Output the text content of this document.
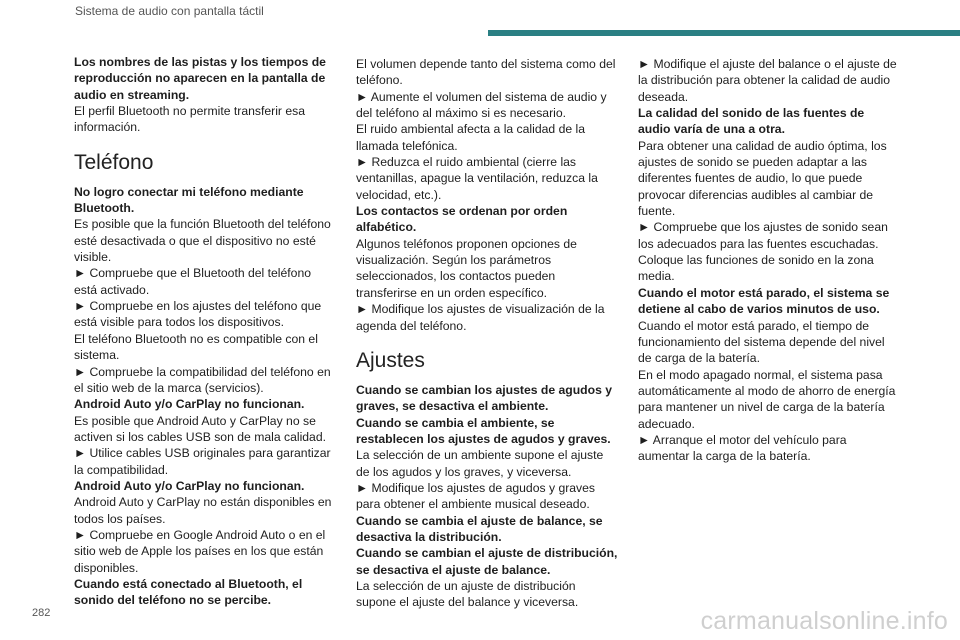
Sistema de audio con pantalla táctil

Los nombres de las pistas y los tiempos de reproducción no aparecen en la pantalla de audio en streaming.

El perfil Bluetooth no permite transferir esa información.

Teléfono

No logro conectar mi teléfono mediante Bluetooth.

Es posible que la función Bluetooth del teléfono esté desactivada o que el dispositivo no esté visible.

► Compruebe que el Bluetooth del teléfono está activado.

► Compruebe en los ajustes del teléfono que está visible para todos los dispositivos.

El teléfono Bluetooth no es compatible con el sistema.

► Compruebe la compatibilidad del teléfono en el sitio web de la marca (servicios).

Android Auto y/o CarPlay no funcionan.

Es posible que Android Auto y CarPlay no se activen si los cables USB son de mala calidad.

► Utilice cables USB originales para garantizar la compatibilidad.

Android Auto y/o CarPlay no funcionan.

Android Auto y CarPlay no están disponibles en todos los países.

► Compruebe en Google Android Auto o en el sitio web de Apple los países en los que están disponibles.

Cuando está conectado al Bluetooth, el sonido del teléfono no se percibe.

El volumen depende tanto del sistema como del teléfono.

► Aumente el volumen del sistema de audio y del teléfono al máximo si es necesario.

El ruido ambiental afecta a la calidad de la llamada telefónica.

► Reduzca el ruido ambiental (cierre las ventanillas, apague la ventilación, reduzca la velocidad, etc.).

Los contactos se ordenan por orden alfabético.

Algunos teléfonos proponen opciones de visualización. Según los parámetros seleccionados, los contactos pueden transferirse en un orden específico.

► Modifique los ajustes de visualización de la agenda del teléfono.

Ajustes

Cuando se cambian los ajustes de agudos y graves, se desactiva el ambiente.

Cuando se cambia el ambiente, se restablecen los ajustes de agudos y graves.

La selección de un ambiente supone el ajuste de los agudos y los graves, y viceversa.

► Modifique los ajustes de agudos y graves para obtener el ambiente musical deseado.

Cuando se cambia el ajuste de balance, se desactiva la distribución.

Cuando se cambian el ajuste de distribución, se desactiva el ajuste de balance.

La selección de un ajuste de distribución supone el ajuste del balance y viceversa.

► Modifique el ajuste del balance o el ajuste de la distribución para obtener la calidad de audio deseada.

La calidad del sonido de las fuentes de audio varía de una a otra.

Para obtener una calidad de audio óptima, los ajustes de sonido se pueden adaptar a las diferentes fuentes de audio, lo que puede provocar diferencias audibles al cambiar de fuente.

► Compruebe que los ajustes de sonido sean los adecuados para las fuentes escuchadas. Coloque las funciones de sonido en la zona media.

Cuando el motor está parado, el sistema se detiene al cabo de varios minutos de uso.

Cuando el motor está parado, el tiempo de funcionamiento del sistema depende del nivel de carga de la batería.

En el modo apagado normal, el sistema pasa automáticamente al modo de ahorro de energía para mantener un nivel de carga de la batería adecuado.

► Arranque el motor del vehículo para aumentar la carga de la batería.

282	carmanualsonline.info
